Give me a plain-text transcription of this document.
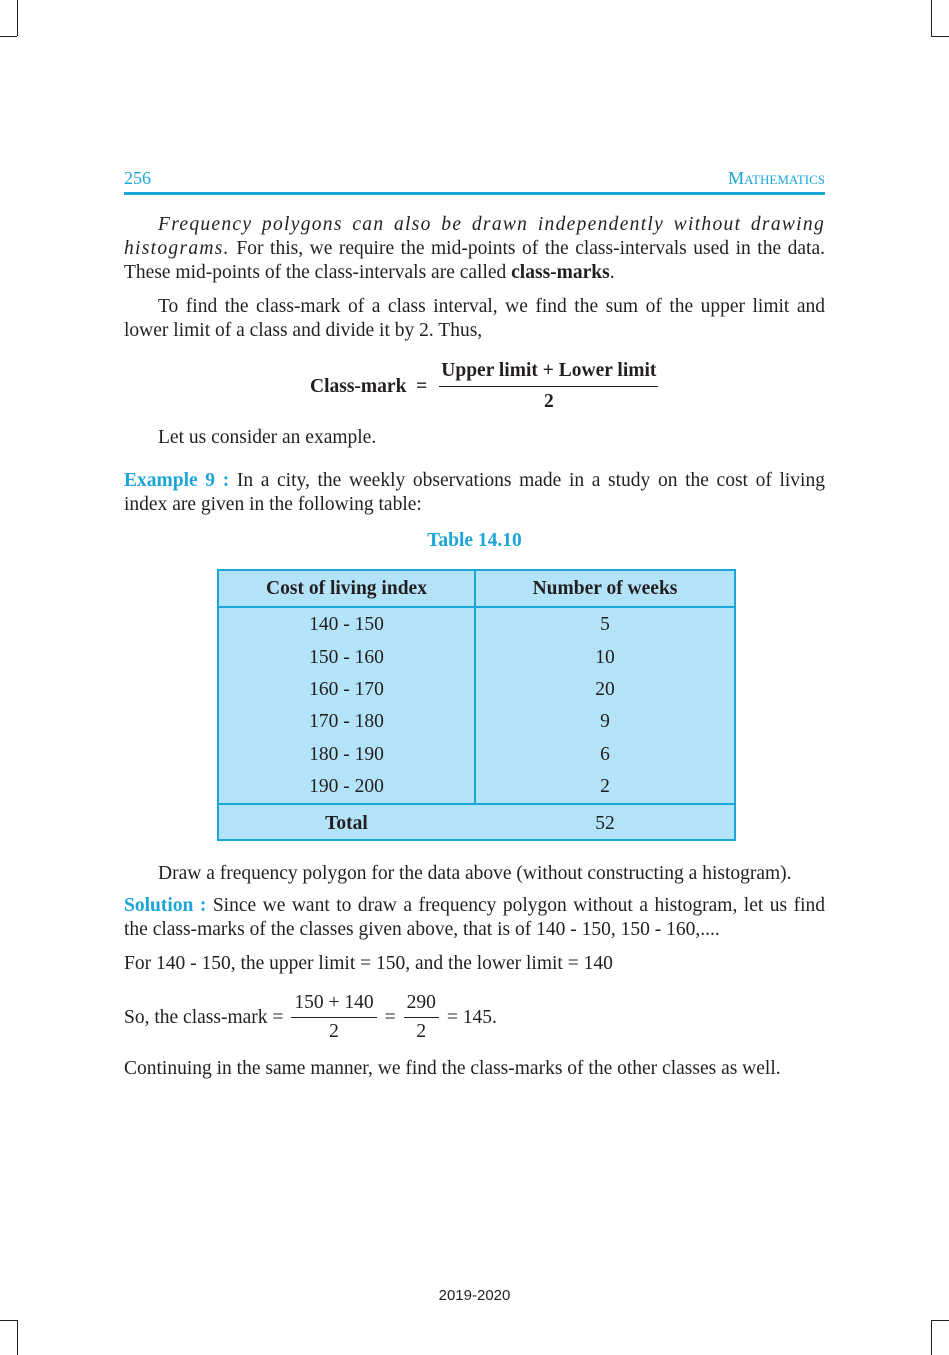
256	Mathematics

Frequency polygons can also be drawn independently without drawing histograms. For this, we require the mid-points of the class-intervals used in the data. These mid-points of the class-intervals are called class-marks.

To find the class-mark of a class interval, we find the sum of the upper limit and lower limit of a class and divide it by 2. Thus,

Class-mark  = $\frac{\text{Upper limit + Lower limit}}{2}$

Let us consider an example.

Example 9 : In a city, the weekly observations made in a study on the cost of living index are given in the following table:

Table 14.10
Cost of living index	Number of weeks
140 - 150	5
150 - 160	10
160 - 170	20
170 - 180	9
180 - 190	6
190 - 200	2
Total	52

Draw a frequency polygon for the data above (without constructing a histogram).

Solution : Since we want to draw a frequency polygon without a histogram, let us find the class-marks of the classes given above, that is of 140 - 150, 150 - 160,....

For 140 - 150, the upper limit = 150, and the lower limit = 140

So, the class-mark = $\frac{150 + 140}{2} = \frac{290}{2} = 145$.

Continuing in the same manner, we find the class-marks of the other classes as well.

2019-2020
